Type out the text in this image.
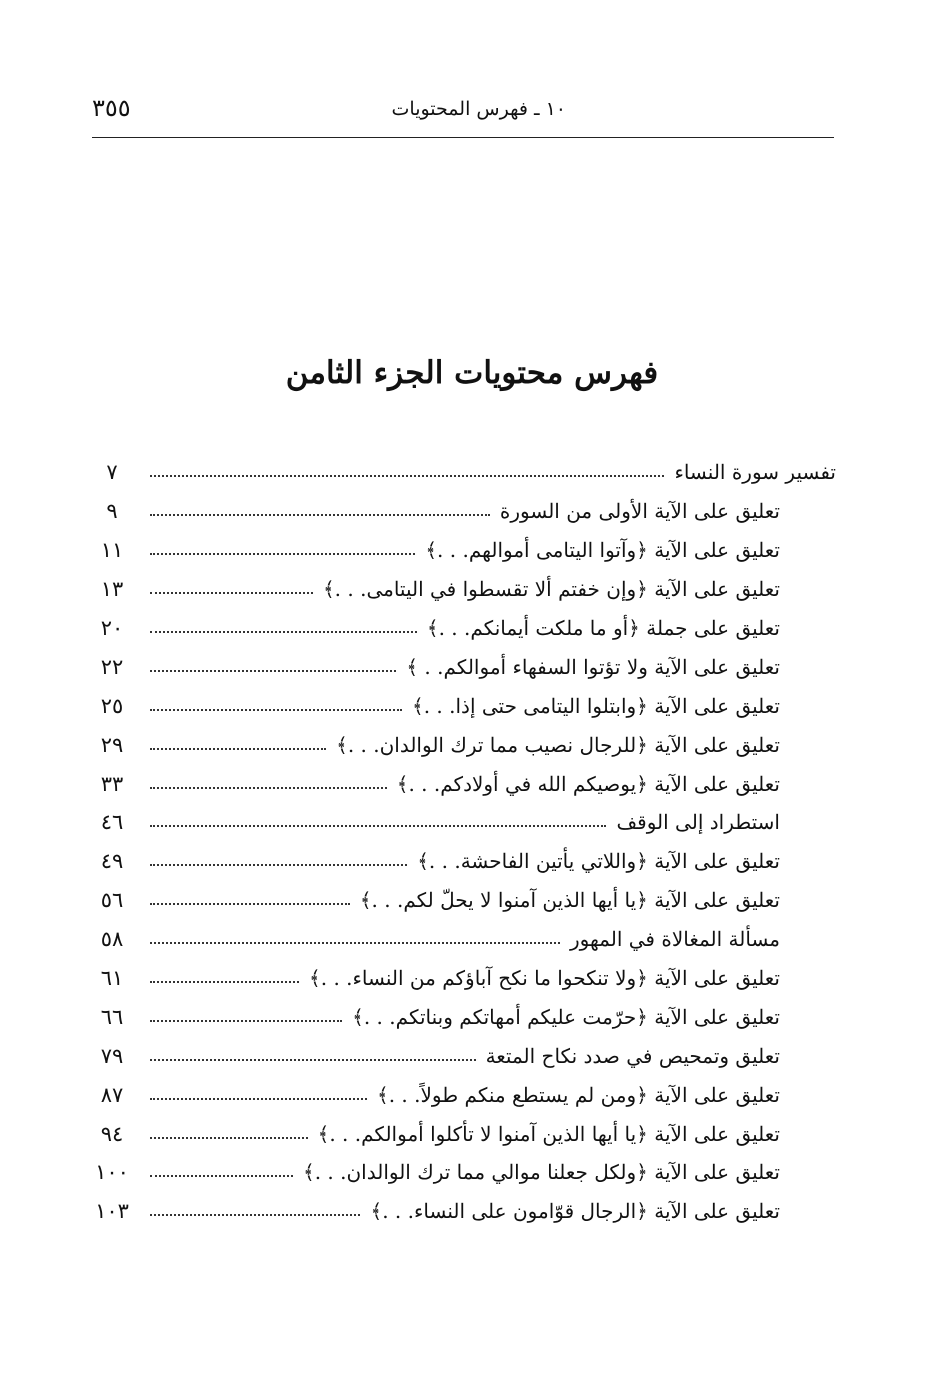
١٠ ـ فهرس المحتويات
٣٥٥
فهرس محتويات الجزء الثامن
تفسير سورة النساء
٧
تعليق على الآية الأولى من السورة
٩
تعليق على الآية ﴿وآتوا اليتامى أموالهم. . .﴾
١١
تعليق على الآية ﴿وإن خفتم ألا تقسطوا في اليتامى. . .﴾
١٣
تعليق على جملة ﴿أو ما ملكت أيمانكم. . .﴾
٢٠
تعليق على الآية ولا تؤتوا السفهاء أموالكم. . ﴾
٢٢
تعليق على الآية ﴿وابتلوا اليتامى حتى إذا. . .﴾
٢٥
تعليق على الآية ﴿للرجال نصيب مما ترك الوالدان. . .﴾
٢٩
تعليق على الآية ﴿يوصيكم الله في أولادكم. . .﴾
٣٣
استطراد إلى الوقف
٤٦
تعليق على الآية ﴿واللاتي يأتين الفاحشة. . .﴾
٤٩
تعليق على الآية ﴿يا أيها الذين آمنوا لا يحلّ لكم. . .﴾
٥٦
مسألة المغالاة في المهور
٥٨
تعليق على الآية ﴿ولا تنكحوا ما نكح آباؤكم من النساء. . .﴾
٦١
تعليق على الآية ﴿حرّمت عليكم أمهاتكم وبناتكم. . .﴾
٦٦
تعليق وتمحيص في صدد نكاح المتعة
٧٩
تعليق على الآية ﴿ومن لم يستطع منكم طولاً. . .﴾
٨٧
تعليق على الآية ﴿يا أيها الذين آمنوا لا تأكلوا أموالكم. . .﴾
٩٤
تعليق على الآية ﴿ولكل جعلنا موالي مما ترك الوالدان. . .﴾
١٠٠
تعليق على الآية ﴿الرجال قوّامون على النساء. . .﴾
١٠٣
